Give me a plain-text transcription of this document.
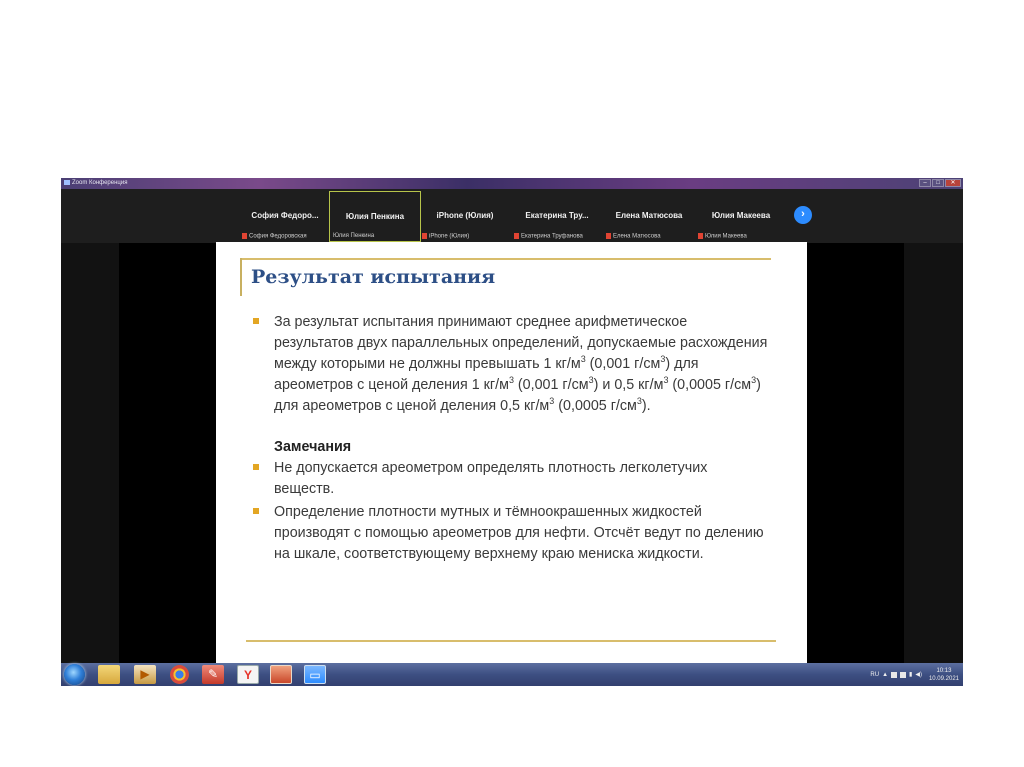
Zoom Конференция	–	□	✕
София Федоро...
София Федоровская
Юлия Пенкина
Юлия Пенкина
iPhone (Юлия)
iPhone (Юлия)
Екатерина Тру...
Екатерина Труфанова
Елена Матюсова
Елена Матюсова
Юлия Макеева
Юлия Макеева
›
Результат испытания

За результат испытания принимают среднее арифметическое результатов двух параллельных определений, допускаемые расхождения между которыми не должны превышать 1 $кг/м^3$ (0,001 $г/см^3$) для ареометров с ценой деления 1 $кг/м^3$ (0,001 $г/см^3$) и 0,5 $кг/м^3$ (0,0005 $г/см^3$) для ареометров с ценой деления 0,5 $кг/м^3$ (0,0005 $г/см^3$).

Замечания

Не допускается ареометром определять плотность легколетучих веществ.

Определение плотности мутных и тёмноокрашенных жидкостей производят с помощью ареометров для нефти. Отсчёт ведут по делению на шкале, соответствующему верхнему краю мениска жидкости.

▶	✎	Y	▭	RU ▲	▮ ◀)
10:13
10.09.2021
